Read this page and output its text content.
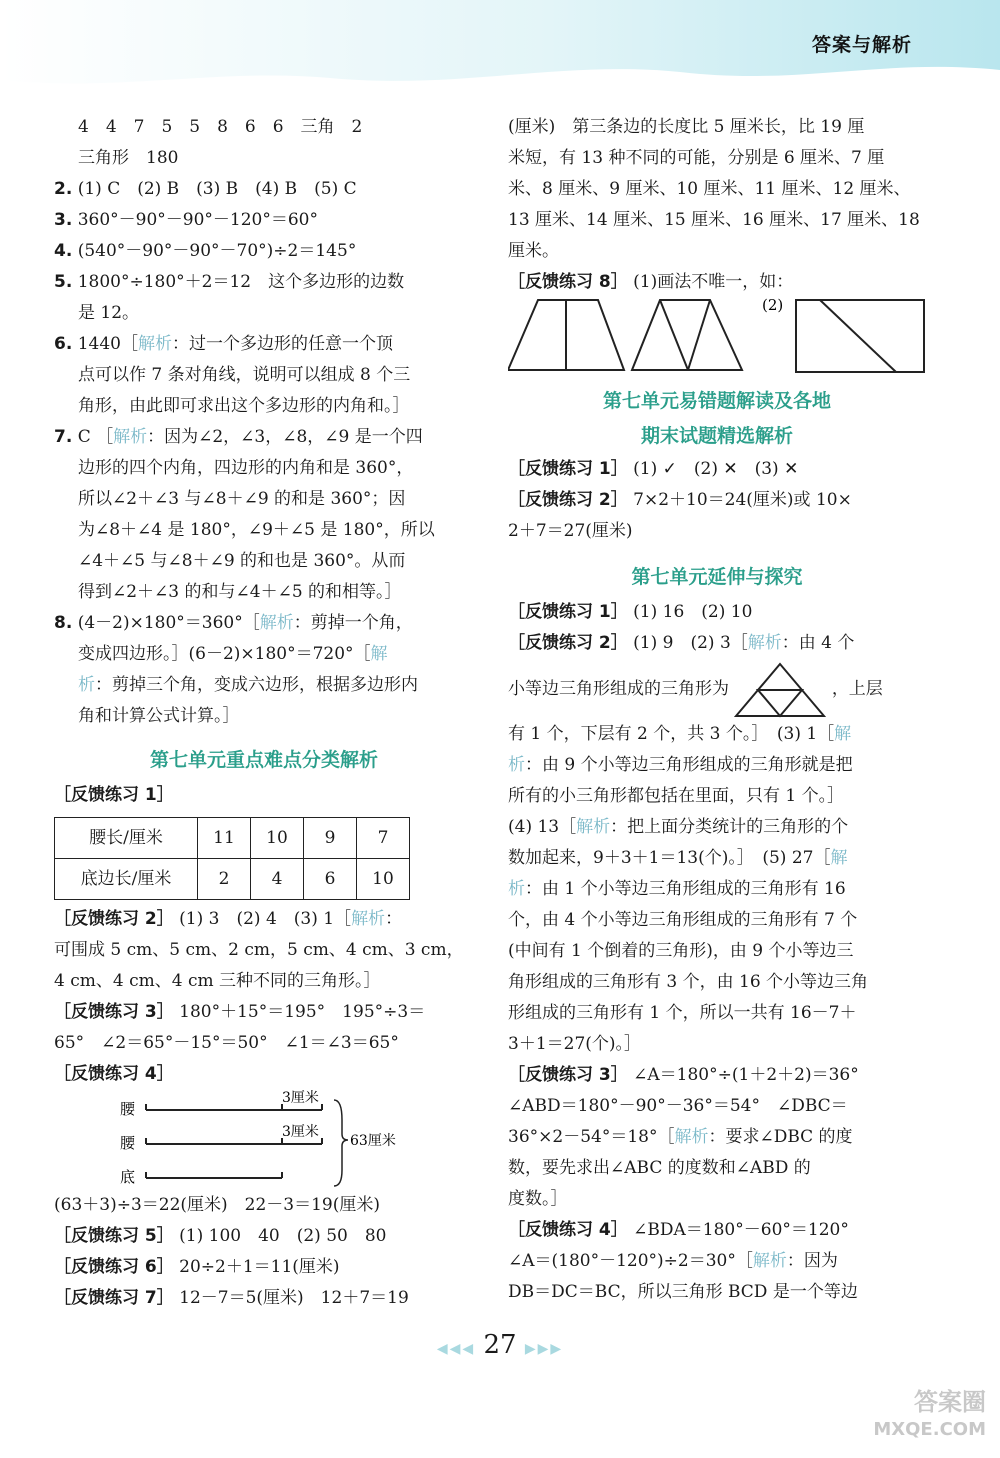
答案与解析
4　4　7　5　5　8　6　6　三角　2
三角形　180
2. (1) C　(2) B　(3) B　(4) B　(5) C
3. 360°－90°－90°－120°＝60°
4. (540°－90°－90°－70°)÷2＝145°
5. 1800°÷180°＋2＝12　这个多边形的边数
是 12。
6. 1440［解析：过一个多边形的任意一个顶
点可以作 7 条对角线，说明可以组成 8 个三
角形，由此即可求出这个多边形的内角和。］
7. C ［解析：因为∠2，∠3，∠8，∠9 是一个四
边形的四个内角，四边形的内角和是 360°，
所以∠2＋∠3 与∠8＋∠9 的和是 360°；因
为∠8＋∠4 是 180°，∠9＋∠5 是 180°，所以
∠4＋∠5 与∠8＋∠9 的和也是 360°。从而
得到∠2＋∠3 的和与∠4＋∠5 的和相等。］
8. (4－2)×180°＝360°［解析：剪掉一个角，
变成四边形。］(6－2)×180°＝720°［解
析：剪掉三个角，变成六边形，根据多边形内
角和计算公式计算。］
第七单元重点难点分类解析
［反馈练习 1］
腰长/厘米	11	10	9	7
底边长/厘米	2	4	6	10
［反馈练习 2］ (1) 3　(2) 4　(3) 1［解析：
可围成 5 cm、5 cm、2 cm，5 cm、4 cm、3 cm，
4 cm、4 cm、4 cm 三种不同的三角形。］
［反馈练习 3］ 180°＋15°＝195°　195°÷3＝
65°　∠2＝65°－15°＝50°　∠1＝∠3＝65°
［反馈练习 4］
腰
3厘米
腰
3厘米
底
63厘米
(63＋3)÷3＝22(厘米)　22－3＝19(厘米)
［反馈练习 5］ (1) 100　40　(2) 50　80
［反馈练习 6］ 20÷2＋1＝11(厘米)
［反馈练习 7］ 12－7＝5(厘米)　12＋7＝19
(厘米)　第三条边的长度比 5 厘米长，比 19 厘
米短，有 13 种不同的可能，分别是 6 厘米、7 厘
米、8 厘米、9 厘米、10 厘米、11 厘米、12 厘米、
13 厘米、14 厘米、15 厘米、16 厘米、17 厘米、18
厘米。
［反馈练习 8］ (1)画法不唯一，如：
(2)
第七单元易错题解读及各地
期末试题精选解析
［反馈练习 1］ (1) ✓　(2) ✕　(3) ✕
［反馈练习 2］ 7×2＋10＝24(厘米)或 10×
2＋7＝27(厘米)
第七单元延伸与探究
［反馈练习 1］ (1) 16　(2) 10
［反馈练习 2］ (1) 9　(2) 3［解析：由 4 个
小等边三角形组成的三角形为	，上层
有 1 个，下层有 2 个，共 3 个。］　(3) 1［解
析：由 9 个小等边三角形组成的三角形就是把
所有的小三角形都包括在里面，只有 1 个。］
(4) 13［解析：把上面分类统计的三角形的个
数加起来，9＋3＋1＝13(个)。］　(5) 27［解
析：由 1 个小等边三角形组成的三角形有 16
个，由 4 个小等边三角形组成的三角形有 7 个
(中间有 1 个倒着的三角形)，由 9 个小等边三
角形组成的三角形有 3 个，由 16 个小等边三角
形组成的三角形有 1 个，所以一共有 16－7＋
3＋1＝27(个)。］
［反馈练习 3］ ∠A＝180°÷(1＋2＋2)＝36°
∠ABD＝180°－90°－36°＝54°　∠DBC＝
36°×2－54°＝18°［解析：要求∠DBC 的度
数，要先求出∠ABC 的度数和∠ABD 的
度数。］
［反馈练习 4］ ∠BDA＝180°－60°＝120°
∠A＝(180°－120°)÷2＝30°［解析：因为
DB＝DC＝BC，所以三角形 BCD 是一个等边
◀◀◀ 27 ▶▶▶
答案圈
MXQE.COM
